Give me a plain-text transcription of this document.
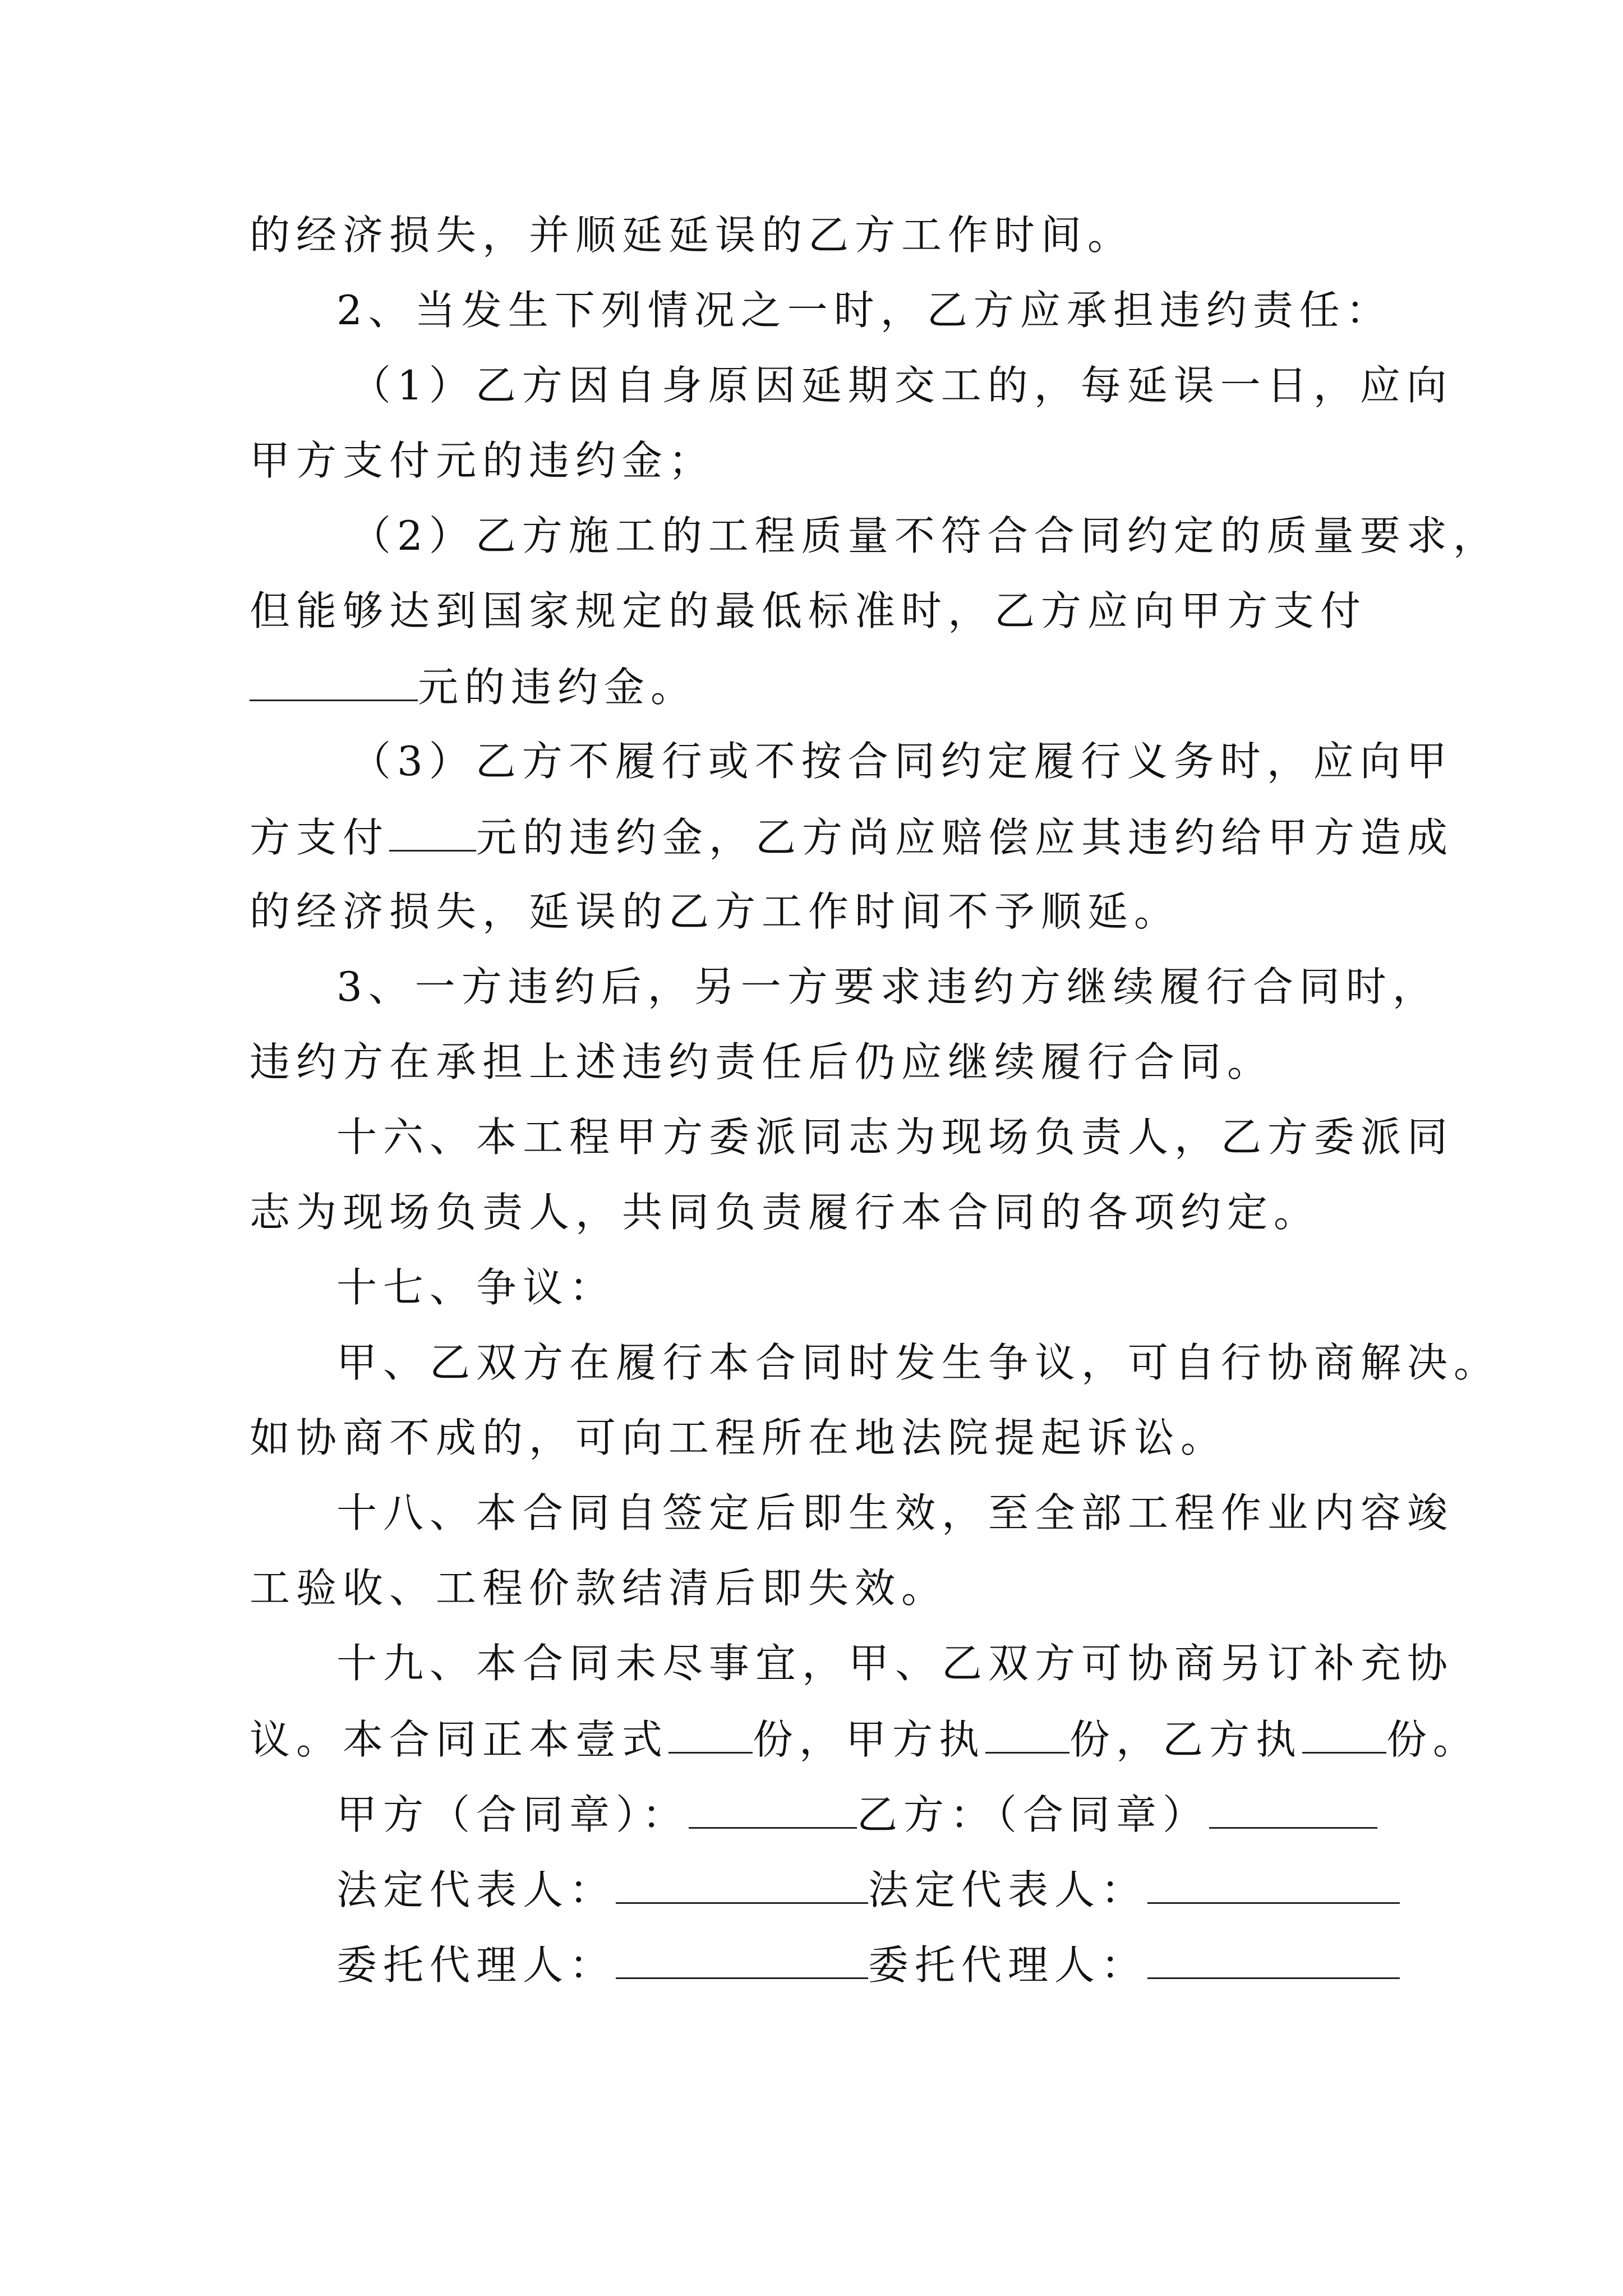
的经济损失，并顺延延误的乙方工作时间。
2、当发生下列情况之一时，乙方应承担违约责任：
（1）乙方因自身原因延期交工的，每延误一日，应向
甲方支付元的违约金；
（2）乙方施工的工程质量不符合合同约定的质量要求，
但能够达到国家规定的最低标准时，乙方应向甲方支付
元的违约金。
（3）乙方不履行或不按合同约定履行义务时，应向甲
方支付 元的违约金，乙方尚应赔偿应其违约给甲方造成
的经济损失，延误的乙方工作时间不予顺延。
3、一方违约后，另一方要求违约方继续履行合同时，
违约方在承担上述违约责任后仍应继续履行合同。
十六、本工程甲方委派同志为现场负责人，乙方委派同
志为现场负责人，共同负责履行本合同的各项约定。
十七、争议：
甲、乙双方在履行本合同时发生争议，可自行协商解决。
如协商不成的，可向工程所在地法院提起诉讼。
十八、本合同自签定后即生效，至全部工程作业内容竣
工验收、工程价款结清后即失效。
十九、本合同未尽事宜，甲、乙双方可协商另订补充协
议。本合同正本壹式 份，甲方执 份，乙方执 份。
甲方（合同章）：	乙方：（合同章）
法定代表人：	法定代表人：
委托代理人：	委托代理人：
